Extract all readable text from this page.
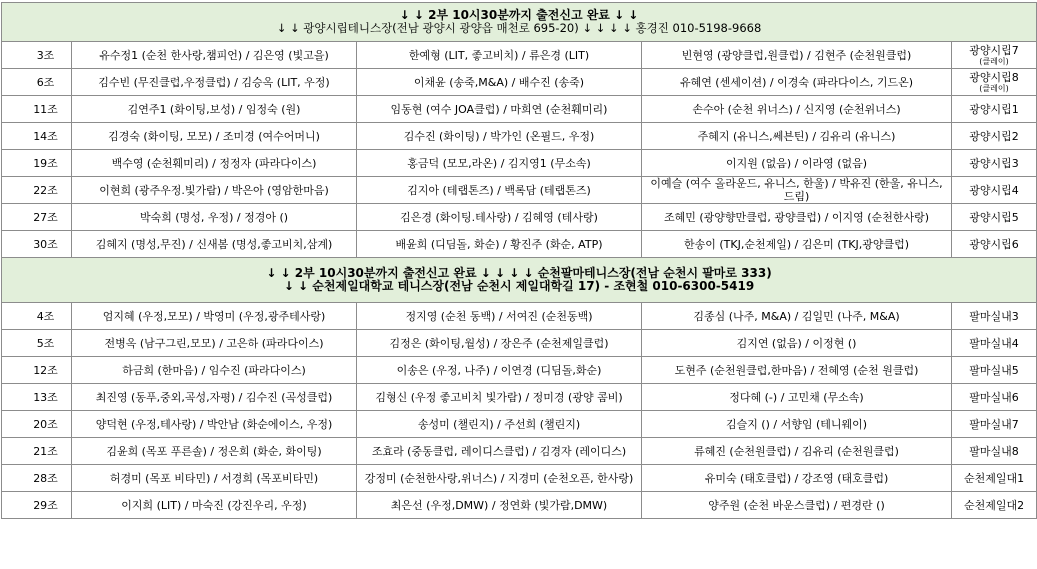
↓ ↓ 2부 10시30분까지 출전신고 완료 ↓ ↓
↓ ↓ 광양시립테니스장(전남 광양시 광양읍 매천로 695-20) ↓ ↓ ↓ ↓ 홍경진 010-5198-9668				

3조	유수정1 (순천 한사랑,챔피언) / 김은영 (빛고을)	한예형 (LIT, 좋고비치) / 류은경 (LIT)	빈현영 (광양클럽,원클럽) / 김현주 (순천원클럽)	광양시립7
(클레이)

6조	김수빈 (무진클럽,우정클럽) / 김승옥 (LIT, 우정)	이채윤 (송죽,M&A) / 배수진 (송죽)	유혜연 (센세이션) / 이경숙 (파라다이스, 기드온)	광양시립8
(클레이)

11조	김연주1 (화이팅,보성) / 임정숙 (원)	임동현 (여수 JOA클럽) / 마희연 (순천훼미리)	손수아 (순천 위너스) / 신지영 (순천위너스)	광양시립1

14조	김경숙 (화이팅, 모모) / 조미경 (여수어머니)	김수진 (화이팅) / 박가인 (온필드, 우정)	주혜지 (유니스,쎄븐틴) / 김유리 (유니스)	광양시립2

19조	백수영 (순천훼미리) / 정정자 (파라다이스)	홍금덕 (모모,라온) / 김지영1 (무소속)	이지원 (없음) / 이라영 (없음)	광양시립3

22조	이현희 (광주우정.빛가람) / 박은아 (영암한마음)	김지아 (테랩톤즈) / 백록담 (테랩톤즈)	이예슬 (여수 올라운드, 유니스, 한울) / 박유진 (한울, 유니스,드림)	광양시립4

27조	박숙희 (명성, 우정) / 정경아 ()	김은경 (화이팅.테사랑) / 김혜영 (테사랑)	조혜민 (광양향만클럽, 광양클럽) / 이지영 (순천한사랑)	광양시립5

30조	김혜지 (명성,무진) / 신새봄 (명성,좋고비치,삼계)	배윤희 (디딤돌, 화순) / 황진주 (화순, ATP)	한송이 (TKJ,순천제일) / 김은미 (TKJ,광양클럽)	광양시립6

↓ ↓ 2부 10시30분까지 출전신고 완료 ↓ ↓ ↓ ↓ 순천팔마테니스장(전남 순천시 팔마로 333)
↓ ↓ 순천제일대학교 테니스장(전남 순천시 제일대학길 17) - 조현철 010-6300-5419				

4조	엄지혜 (우정,모모) / 박영미 (우정,광주테사랑)	정지영 (순천 동백) / 서여진 (순천동백)	김종심 (나주, M&A) / 김일민 (나주, M&A)	팔마실내3

5조	전병옥 (남구그린,모모) / 고은하 (파라다이스)	김정은 (화이팅,월성) / 장은주 (순천제일클럽)	김지연 (없음) / 이정현 ()	팔마실내4

12조	하금희 (한마음) / 임수진 (파라다이스)	이송은 (우정, 나주) / 이연경 (디딤돌,화순)	도현주 (순천원클럽,한마음) / 전혜영 (순천 원클럽)	팔마실내5

13조	최진영 (동푸,중외,곡성,자평) / 김수진 (곡성클럽)	김형신 (우정 좋고비치 빛가람) / 정미경 (광양 콤비)	정다혜 (-) / 고민채 (무소속)	팔마실내6

20조	양덕현 (우정,테사랑) / 박안남 (화순에이스, 우정)	송성미 (챌린지) / 주선희 (챌린지)	김슬지 () / 서향임 (테니웨이)	팔마실내7

21조	김윤희 (목포 푸른솔) / 정은희 (화순, 화이팅)	조효라 (중동클럽, 레이디스클럽) / 김경자 (레이디스)	류혜진 (순천원클럽) / 김유리 (순천원클럽)	팔마실내8

28조	허경미 (목포 비타민) / 서경희 (목포비타민)	강정미 (순천한사랑,위너스) / 지경미 (순천오픈, 한사랑)	유미숙 (태호클럽) / 강조영 (태호클럽)	순천제일대1

29조	이지희 (LIT) / 마숙진 (강진우리, 우정)	최은선 (우정,DMW) / 정연화 (빛가람,DMW)	양주원 (순천 바운스클럽) / 편경란 ()	순천제일대2
